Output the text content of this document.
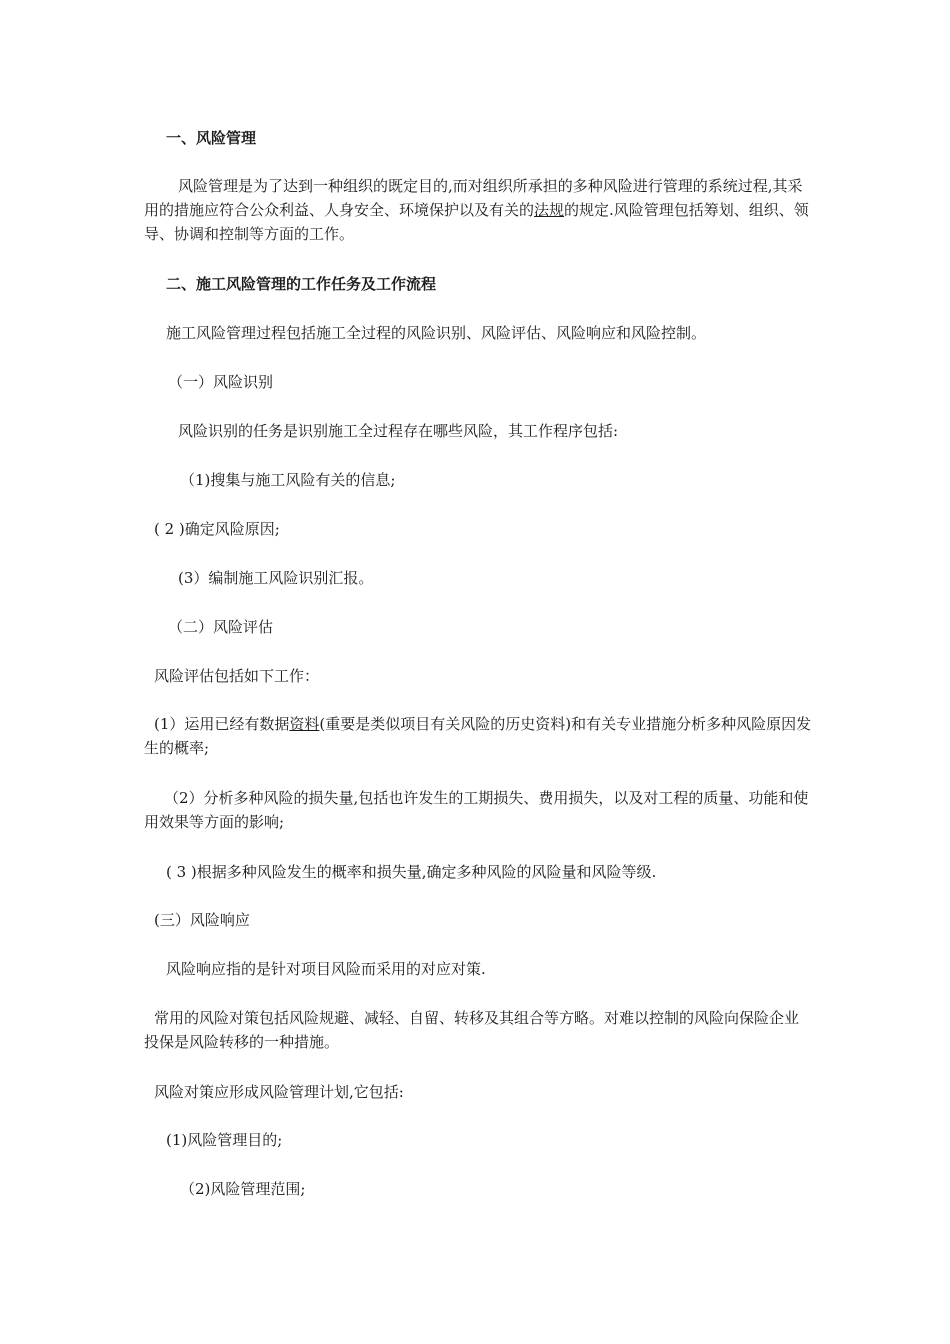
一、风险管理

风险管理是为了达到一种组织的既定目的,而对组织所承担的多种风险进行管理的系统过程,其采用的措施应符合公众利益、人身安全、环境保护以及有关的法规的规定.风险管理包括筹划、组织、领导、协调和控制等方面的工作。

二、施工风险管理的工作任务及工作流程

施工风险管理过程包括施工全过程的风险识别、风险评估、风险响应和风险控制。

（一）风险识别

风险识别的任务是识别施工全过程存在哪些风险，其工作程序包括:

（1)搜集与施工风险有关的信息;

( 2 )确定风险原因;

(3）编制施工风险识别汇报。

（二）风险评估

风险评估包括如下工作：

(1）运用已经有数据资料(重要是类似项目有关风险的历史资料)和有关专业措施分析多种风险原因发生的概率;

（2）分析多种风险的损失量,包括也许发生的工期损失、费用损失，以及对工程的质量、功能和使用效果等方面的影响;

( 3 )根据多种风险发生的概率和损失量,确定多种风险的风险量和风险等级.

(三）风险响应

风险响应指的是针对项目风险而采用的对应对策.

常用的风险对策包括风险规避、减轻、自留、转移及其组合等方略。对难以控制的风险向保险企业投保是风险转移的一种措施。

风险对策应形成风险管理计划,它包括:

(1)风险管理目的;

（2)风险管理范围;
